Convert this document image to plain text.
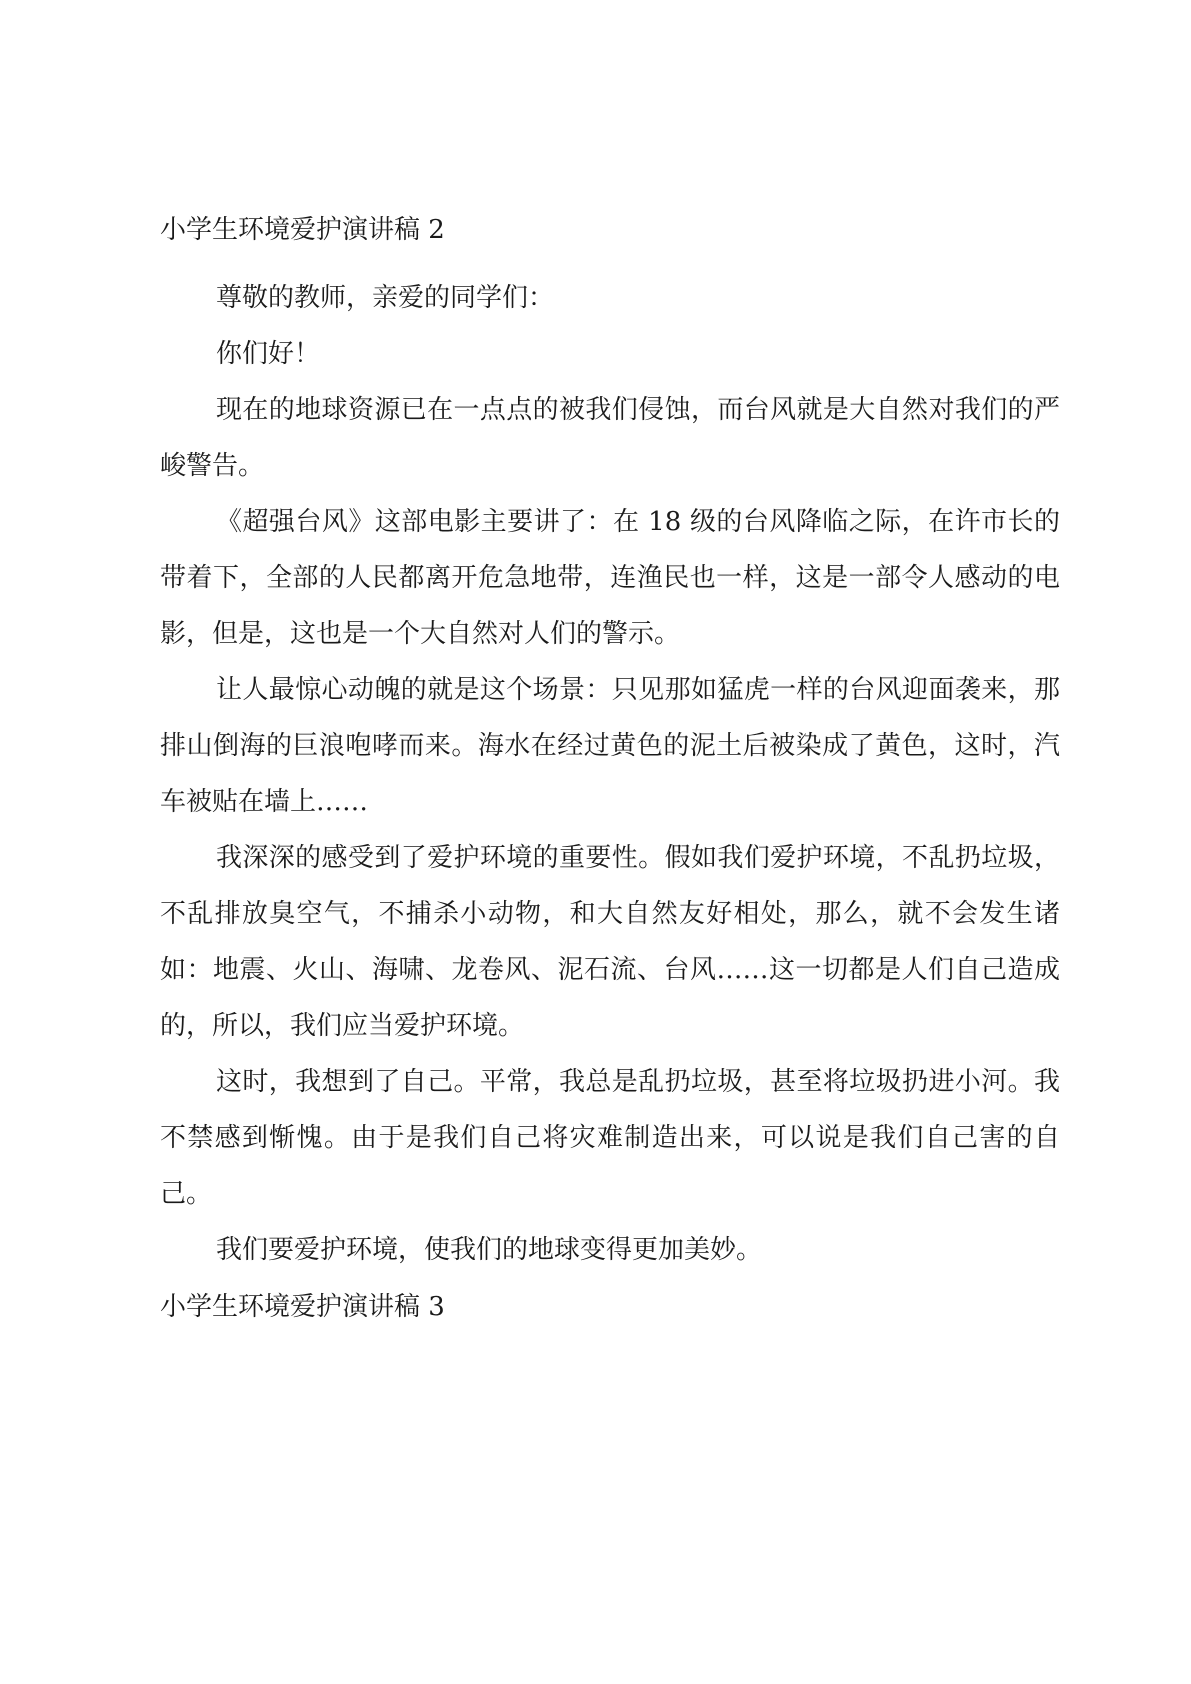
小学生环境爱护演讲稿 2

尊敬的教师，亲爱的同学们：

你们好！

现在的地球资源已在一点点的被我们侵蚀，而台风就是大自然对我们的严峻警告。

《超强台风》这部电影主要讲了：在 18 级的台风降临之际，在许市长的带着下，全部的人民都离开危急地带，连渔民也一样，这是一部令人感动的电影，但是，这也是一个大自然对人们的警示。

让人最惊心动魄的就是这个场景：只见那如猛虎一样的台风迎面袭来，那排山倒海的巨浪咆哮而来。海水在经过黄色的泥土后被染成了黄色，这时，汽车被贴在墙上……

我深深的感受到了爱护环境的重要性。假如我们爱护环境，不乱扔垃圾，不乱排放臭空气，不捕杀小动物，和大自然友好相处，那么，就不会发生诸如：地震、火山、海啸、龙卷风、泥石流、台风……这一切都是人们自己造成的，所以，我们应当爱护环境。

这时，我想到了自己。平常，我总是乱扔垃圾，甚至将垃圾扔进小河。我不禁感到惭愧。由于是我们自己将灾难制造出来，可以说是我们自己害的自己。

我们要爱护环境，使我们的地球变得更加美妙。

小学生环境爱护演讲稿 3
